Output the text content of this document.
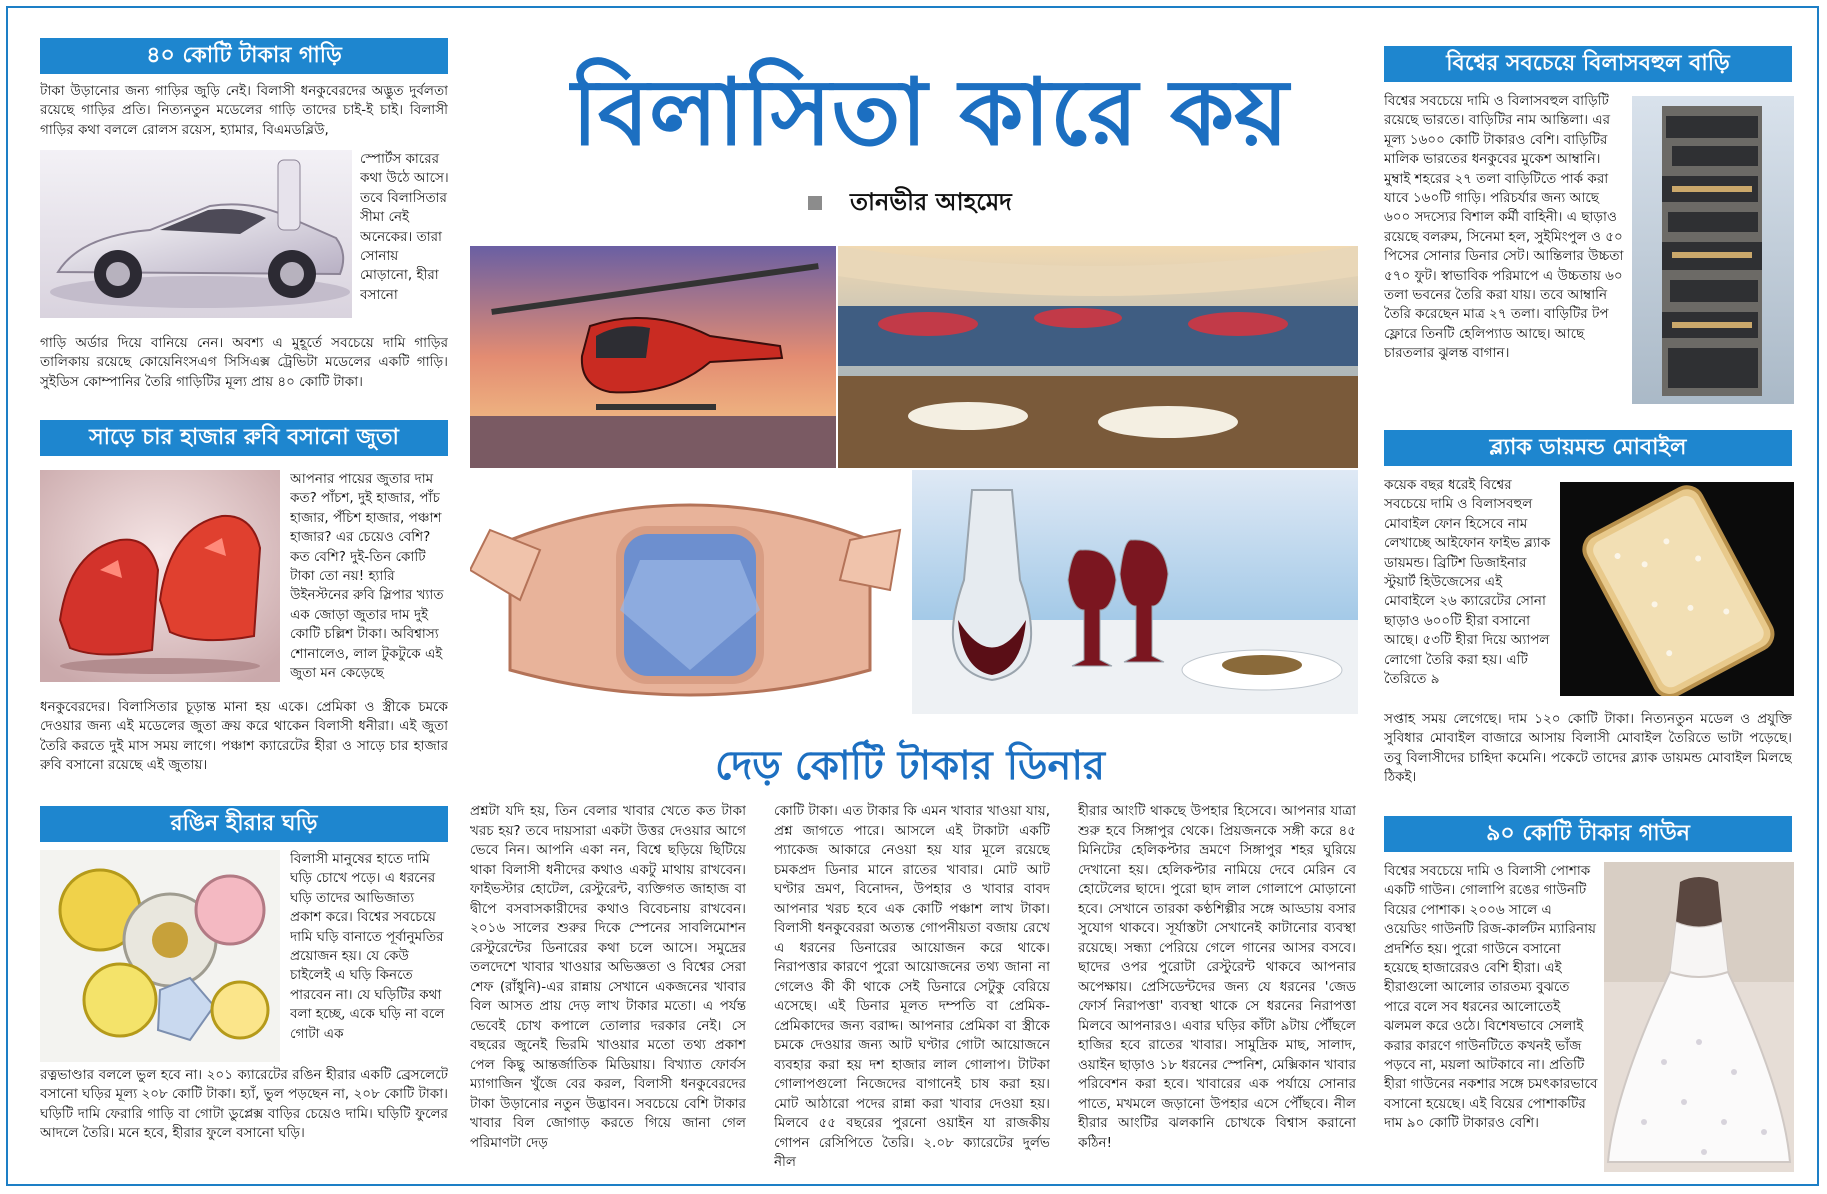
৪০ কোটি টাকার গাড়ি
টাকা উড়ানোর জন্য গাড়ির জুড়ি নেই। বিলাসী ধনকুবেরদের অদ্ভুত দুর্বলতা রয়েছে গাড়ির প্রতি। নিত্যনতুন মডেলের গাড়ি তাদের চাই-ই চাই। বিলাসী গাড়ির কথা বললে রোলস রয়েস, হ্যামার, বিএমডব্লিউ,
স্পোর্টস কারের কথা উঠে আসে। তবে বিলাসিতার সীমা নেই অনেকের। তারা সোনায় মোড়ানো, হীরা বসানো
গাড়ি অর্ডার দিয়ে বানিয়ে নেন। অবশ্য এ মুহূর্তে সবচেয়ে দামি গাড়ির তালিকায় রয়েছে কোয়েনিংসএগ সিসিএক্স ট্রেভিটা মডেলের একটি গাড়ি। সুইডিস কোম্পানির তৈরি গাড়িটির মূল্য প্রায় ৪০ কোটি টাকা।
সাড়ে চার হাজার রুবি বসানো জুতা
আপনার পায়ের জুতার দাম কত? পাঁচশ, দুই হাজার, পাঁচ হাজার, পঁচিশ হাজার, পঞ্চাশ হাজার? এর চেয়েও বেশি? কত বেশি? দুই-তিন কোটি টাকা তো নয়! হ্যারি উইনস্টনের রুবি স্লিপার খ্যাত এক জোড়া জুতার দাম দুই কোটি চল্লিশ টাকা। অবিশ্বাস্য শোনালেও, লাল টুকটুকে এই জুতা মন কেড়েছে
ধনকুবেরদের। বিলাসিতার চূড়ান্ত মানা হয় একে। প্রেমিকা ও স্ত্রীকে চমকে দেওয়ার জন্য এই মডেলের জুতা ক্রয় করে থাকেন বিলাসী ধনীরা। এই জুতা তৈরি করতে দুই মাস সময় লাগে। পঞ্চাশ ক্যারেটের হীরা ও সাড়ে চার হাজার রুবি বসানো রয়েছে এই জুতায়।
রঙিন হীরার ঘড়ি
বিলাসী মানুষের হাতে দামি ঘড়ি চোখে পড়ে। এ ধরনের ঘড়ি তাদের আভিজাত্য প্রকাশ করে। বিশ্বের সবচেয়ে দামি ঘড়ি বানাতে পূর্বানুমতির প্রয়োজন হয়। যে কেউ চাইলেই এ ঘড়ি কিনতে পারবেন না। যে ঘড়িটির কথা বলা হচ্ছে, একে ঘড়ি না বলে গোটা এক
রত্নভাণ্ডার বললে ভুল হবে না। ২০১ ক্যারেটের রঙিন হীরার একটি ব্রেসলেটে বসানো ঘড়ির মূল্য ২০৮ কোটি টাকা। হ্যাঁ, ভুল পড়ছেন না, ২০৮ কোটি টাকা। ঘড়িটি দামি ফেরারি গাড়ি বা গোটা ডুপ্লেক্স বাড়ির চেয়েও দামি। ঘড়িটি ফুলের আদলে তৈরি। মনে হবে, হীরার ফুলে বসানো ঘড়ি।
বিলাসিতা কারে কয়
তানভীর আহমেদ
দেড় কোটি টাকার ডিনার
প্রশ্নটা যদি হয়, তিন বেলার খাবার খেতে কত টাকা খরচ হয়? তবে দায়সারা একটা উত্তর দেওয়ার আগে ভেবে নিন। আপনি একা নন, বিশ্বে ছড়িয়ে ছিটিয়ে থাকা বিলাসী ধনীদের কথাও একটু মাথায় রাখবেন। ফাইভস্টার হোটেল, রেস্টুরেন্ট, ব্যক্তিগত জাহাজ বা দ্বীপে বসবাসকারীদের কথাও বিবেচনায় রাখবেন। ২০১৬ সালের শুরুর দিকে স্পেনের সাবলিমোশন রেস্টুরেন্টের ডিনারের কথা চলে আসে। সমুদ্রের তলদেশে খাবার খাওয়ার অভিজ্ঞতা ও বিশ্বের সেরা শেফ (রাঁধুনি)-এর রান্নায় সেখানে একজনের খাবার বিল আসত প্রায় দেড় লাখ টাকার মতো। এ পর্যন্ত ভেবেই চোখ কপালে তোলার দরকার নেই। সে বছরের জুনেই ভিরমি খাওয়ার মতো তথ্য প্রকাশ পেল কিছু আন্তর্জাতিক মিডিয়ায়। বিখ্যাত ফোর্বস ম্যাগাজিন খুঁজে বের করল, বিলাসী ধনকুবেরদের টাকা উড়ানোর নতুন উদ্ভাবন। সবচেয়ে বেশি টাকার খাবার বিল জোগাড় করতে গিয়ে জানা গেল পরিমাণটা দেড়
কোটি টাকা। এত টাকার কি এমন খাবার খাওয়া যায়, প্রশ্ন জাগতে পারে। আসলে এই টাকাটা একটি প্যাকেজ আকারে নেওয়া হয় যার মূলে রয়েছে চমকপ্রদ ডিনার মানে রাতের খাবার। মোট আট ঘণ্টার ভ্রমণ, বিনোদন, উপহার ও খাবার বাবদ আপনার খরচ হবে এক কোটি পঞ্চাশ লাখ টাকা। বিলাসী ধনকুবেররা অত্যন্ত গোপনীয়তা বজায় রেখে এ ধরনের ডিনারের আয়োজন করে থাকে। নিরাপত্তার কারণে পুরো আয়োজনের তথ্য জানা না গেলেও কী কী থাকে সেই ডিনারে সেটুকু বেরিয়ে এসেছে। এই ডিনার মূলত দম্পতি বা প্রেমিক-প্রেমিকাদের জন্য বরাদ্দ। আপনার প্রেমিকা বা স্ত্রীকে চমকে দেওয়ার জন্য আট ঘণ্টার গোটা আয়োজনে ব্যবহার করা হয় দশ হাজার লাল গোলাপ। টাটকা গোলাপগুলো নিজেদের বাগানেই চাষ করা হয়। মোট আঠারো পদের রান্না করা খাবার দেওয়া হয়। মিলবে ৫৫ বছরের পুরনো ওয়াইন যা রাজকীয় গোপন রেসিপিতে তৈরি। ২.০৮ ক্যারেটের দুর্লভ নীল
হীরার আংটি থাকছে উপহার হিসেবে। আপনার যাত্রা শুরু হবে সিঙ্গাপুর থেকে। প্রিয়জনকে সঙ্গী করে ৪৫ মিনিটের হেলিকপ্টার ভ্রমণে সিঙ্গাপুর শহর ঘুরিয়ে দেখানো হয়। হেলিকপ্টার নামিয়ে দেবে মেরিন বে হোটেলের ছাদে। পুরো ছাদ লাল গোলাপে মোড়ানো হবে। সেখানে তারকা কণ্ঠশিল্পীর সঙ্গে আড্ডায় বসার সুযোগ থাকবে। সূর্যাস্তটা সেখানেই কাটানোর ব্যবস্থা রয়েছে। সন্ধ্যা পেরিয়ে গেলে গানের আসর বসবে। ছাদের ওপর পুরোটা রেস্টুরেন্ট থাকবে আপনার অপেক্ষায়। প্রেসিডেন্টদের জন্য যে ধরনের 'জেড ফোর্স নিরাপত্তা' ব্যবস্থা থাকে সে ধরনের নিরাপত্তা মিলবে আপনারও। এবার ঘড়ির কাঁটা ৯টায় পৌঁছলে হাজির হবে রাতের খাবার। সামুদ্রিক মাছ, সালাদ, ওয়াইন ছাড়াও ১৮ ধরনের স্পেনিশ, মেক্সিকান খাবার পরিবেশন করা হবে। খাবারের এক পর্যায়ে সোনার পাতে, মখমলে জড়ানো উপহার এসে পৌঁছবে। নীল হীরার আংটির ঝলকানি চোখকে বিশ্বাস করানো কঠিন!
বিশ্বের সবচেয়ে বিলাসবহুল বাড়ি
বিশ্বের সবচেয়ে দামি ও বিলাসবহুল বাড়িটি রয়েছে ভারতে। বাড়িটির নাম আন্তিলা। এর মূল্য ১৬০০ কোটি টাকারও বেশি। বাড়িটির মালিক ভারতের ধনকুবের মুকেশ আম্বানি। মুম্বাই শহরের ২৭ তলা বাড়িটিতে পার্ক করা যাবে ১৬০টি গাড়ি। পরিচর্যার জন্য আছে ৬০০ সদস্যের বিশাল কর্মী বাহিনী। এ ছাড়াও রয়েছে বলরুম, সিনেমা হল, সুইমিংপুল ও ৫০ পিসের সোনার ডিনার সেট। আন্তিলার উচ্চতা ৫৭০ ফুট। স্বাভাবিক পরিমাপে এ উচ্চতায় ৬০ তলা ভবনের তৈরি করা যায়। তবে আম্বানি তৈরি করেছেন মাত্র ২৭ তলা। বাড়িটির টপ ফ্লোরে তিনটি হেলিপ্যাড আছে। আছে চারতলার ঝুলন্ত বাগান।
ব্ল্যাক ডায়মন্ড মোবাইল
কয়েক বছর ধরেই বিশ্বের সবচেয়ে দামি ও বিলাসবহুল মোবাইল ফোন হিসেবে নাম লেখাচ্ছে আইফোন ফাইভ ব্ল্যাক ডায়মন্ড। ব্রিটিশ ডিজাইনার স্টুয়ার্ট হিউজেসের এই মোবাইলে ২৬ ক্যারেটের সোনা ছাড়াও ৬০০টি হীরা বসানো আছে। ৫৩টি হীরা দিয়ে অ্যাপল লোগো তৈরি করা হয়। এটি তৈরিতে ৯
সপ্তাহ সময় লেগেছে। দাম ১২০ কোটি টাকা। নিত্যনতুন মডেল ও প্রযুক্তি সুবিধার মোবাইল বাজারে আসায় বিলাসী মোবাইল তৈরিতে ভাটা পড়েছে। তবু বিলাসীদের চাহিদা কমেনি। পকেটে তাদের ব্ল্যাক ডায়মন্ড মোবাইল মিলছে ঠিকই।
৯০ কোটি টাকার গাউন
বিশ্বের সবচেয়ে দামি ও বিলাসী পোশাক একটি গাউন। গোলাপি রঙের গাউনটি বিয়ের পোশাক। ২০০৬ সালে এ ওয়েডিং গাউনটি রিজ-কার্লটন ম্যারিনায় প্রদর্শিত হয়। পুরো গাউনে বসানো হয়েছে হাজারেরও বেশি হীরা। এই হীরাগুলো আলোর তারতম্য বুঝতে পারে বলে সব ধরনের আলোতেই ঝলমল করে ওঠে। বিশেষভাবে সেলাই করার কারণে গাউনটিতে কখনই ভাঁজ পড়বে না, ময়লা আটকাবে না। প্রতিটি হীরা গাউনের নকশার সঙ্গে চমৎকারভাবে বসানো হয়েছে। এই বিয়ের পোশাকটির দাম ৯০ কোটি টাকারও বেশি।
